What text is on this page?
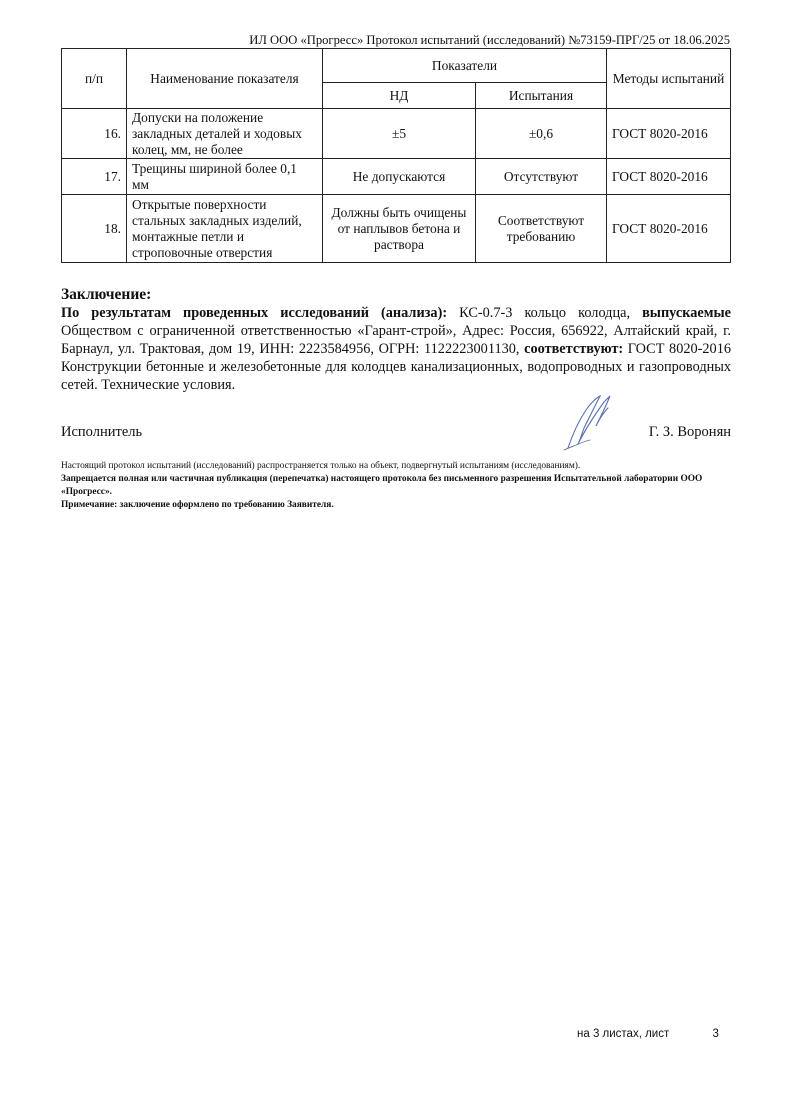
ИЛ ООО «Прогресс» Протокол испытаний (исследований) №73159-ПРГ/25 от 18.06.2025
п/п	Наименование показателя	Показатели		Методы испытаний
		НД	Испытания	
16.	Допуски на положение закладных деталей и ходовых колец, мм, не более	±5	±0,6	ГОСТ 8020-2016
17.	Трещины шириной более 0,1 мм	Не допускаются	Отсутствуют	ГОСТ 8020-2016
18.	Открытые поверхности стальных закладных изделий, монтажные петли и строповочные отверстия	Должны быть очищены от наплывов бетона и раствора	Соответствуют требованию	ГОСТ 8020-2016
Заключение:
По результатам проведенных исследований (анализа): КС-0.7-3 кольцо колодца, выпускаемые Обществом с ограниченной ответственностью «Гарант-строй», Адрес: Россия, 656922, Алтайский край, г. Барнаул, ул. Трактовая, дом 19, ИНН: 2223584956, ОГРН: 1122223001130, соответствуют: ГОСТ 8020-2016 Конструкции бетонные и железобетонные для колодцев канализационных, водопроводных и газопроводных сетей. Технические условия.
Исполнитель	Г. З. Воронян
Настоящий протокол испытаний (исследований) распространяется только на объект, подвергнутый испытаниям (исследованиям).
Запрещается полная или частичная публикация (перепечатка) настоящего протокола без письменного разрешения Испытательной лаборатории ООО «Прогресс».
Примечание: заключение оформлено по требованию Заявителя.
на 3 листах, лист	3
